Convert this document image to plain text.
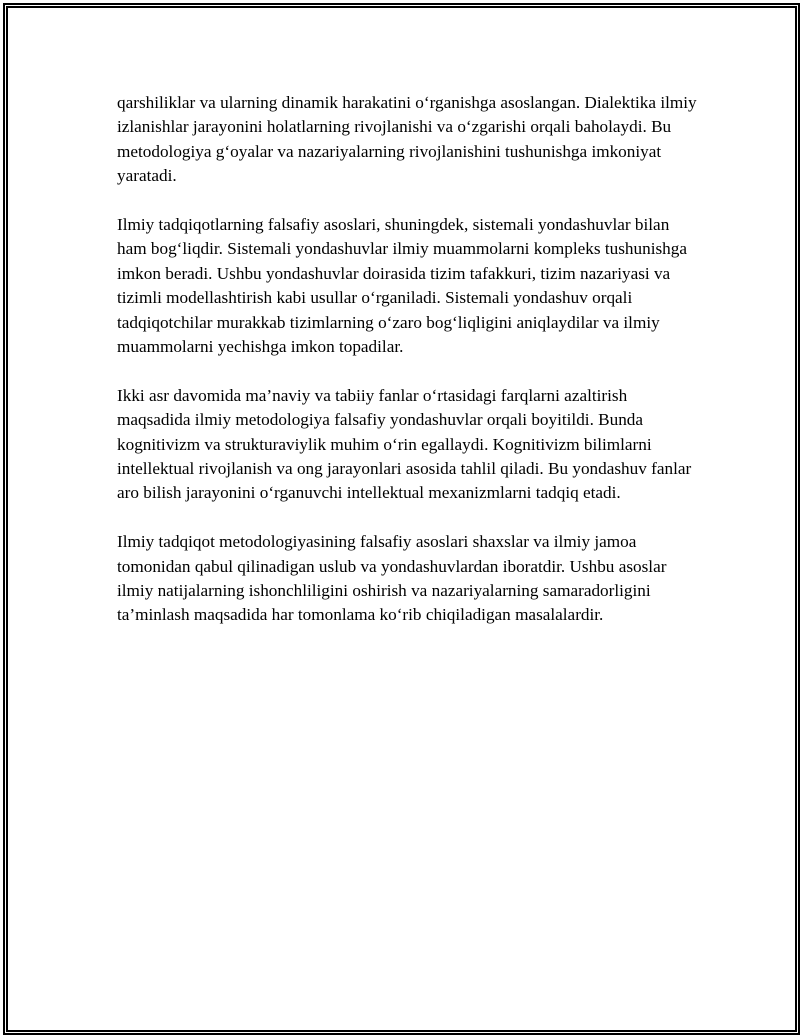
qarshiliklar va ularning dinamik harakatini o‘rganishga asoslangan. Dialektika ilmiy izlanishlar jarayonini holatlarning rivojlanishi va o‘zgarishi orqali baholaydi. Bu metodologiya g‘oyalar va nazariyalarning rivojlanishini tushunishga imkoniyat yaratadi.

Ilmiy tadqiqotlarning falsafiy asoslari, shuningdek, sistemali yondashuvlar bilan ham bog‘liqdir. Sistemali yondashuvlar ilmiy muammolarni kompleks tushunishga imkon beradi. Ushbu yondashuvlar doirasida tizim tafakkuri, tizim nazariyasi va tizimli modellashtirish kabi usullar o‘rganiladi. Sistemali yondashuv orqali tadqiqotchilar murakkab tizimlarning o‘zaro bog‘liqligini aniqlaydilar va ilmiy muammolarni yechishga imkon topadilar.

Ikki asr davomida ma’naviy va tabiiy fanlar o‘rtasidagi farqlarni azaltirish maqsadida ilmiy metodologiya falsafiy yondashuvlar orqali boyitildi. Bunda kognitivizm va strukturaviylik muhim o‘rin egallaydi. Kognitivizm bilimlarni intellektual rivojlanish va ong jarayonlari asosida tahlil qiladi. Bu yondashuv fanlar aro bilish jarayonini o‘rganuvchi intellektual mexanizmlarni tadqiq etadi.

Ilmiy tadqiqot metodologiyasining falsafiy asoslari shaxslar va ilmiy jamoa tomonidan qabul qilinadigan uslub va yondashuvlardan iboratdir. Ushbu asoslar ilmiy natijalarning ishonchliligini oshirish va nazariyalarning samaradorligini ta’minlash maqsadida har tomonlama ko‘rib chiqiladigan masalalardir.
